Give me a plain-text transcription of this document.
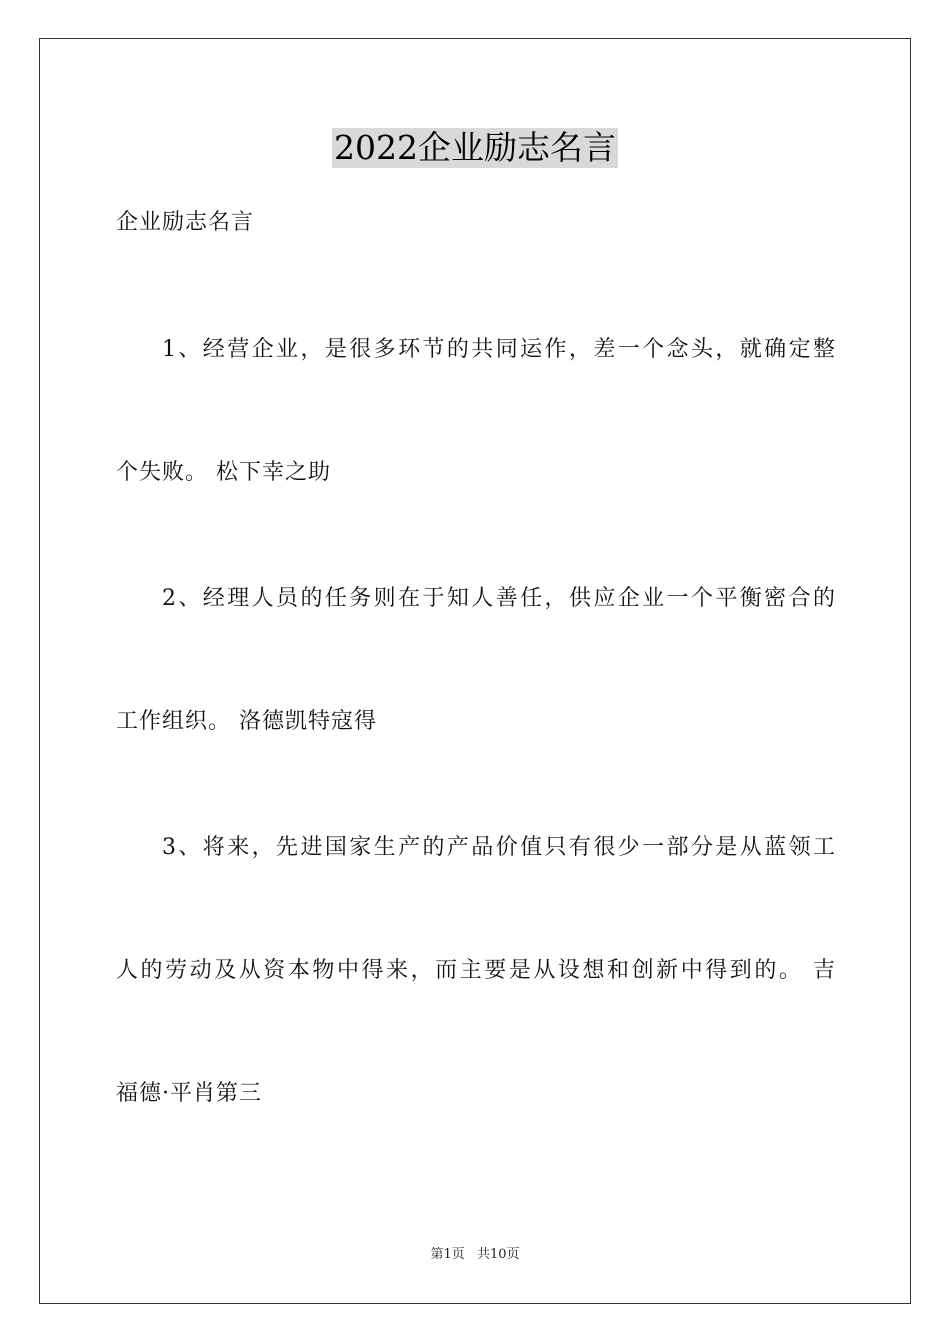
2022企业励志名言
企业励志名言
1、经营企业，是很多环节的共同运作，差一个念头，就确定整
个失败。 松下幸之助
2、经理人员的任务则在于知人善任，供应企业一个平衡密合的
工作组织。 洛德凯特寇得
3、将来，先进国家生产的产品价值只有很少一部分是从蓝领工
人的劳动及从资本物中得来，而主要是从设想和创新中得到的。 吉
福德·平肖第三
第1页 共10页
